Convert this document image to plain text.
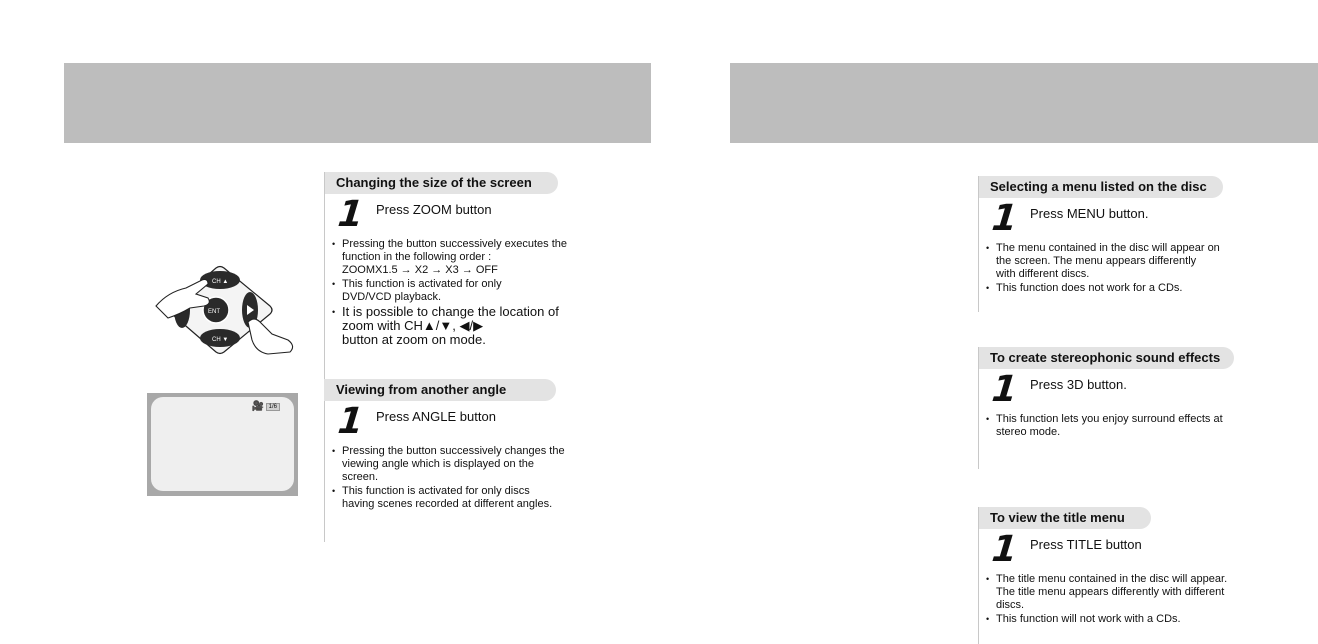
CH ▲
CH ▼
ENT
🎥 1/6
Changing the size of the screen
1 Press ZOOM button
• Pressing the button successively executes the
function in the following order :
ZOOMX1.5 → X2 → X3 → OFF
• This function is activated for only
DVD/VCD playback.
• It is possible to change the location of
zoom with CH▲/▼, ◀/▶
button at zoom on mode.
Viewing from another angle
1 Press ANGLE button
• Pressing the button successively changes the
viewing angle which is displayed on the
screen.
• This function is activated for only discs
having scenes recorded at different angles.
Selecting a menu listed on the disc
1 Press MENU button.
• The menu contained in the disc will appear on
the screen. The menu appears differently
with different discs.
• This function does not work for a CDs.
To create stereophonic sound effects
1 Press 3D button.
• This function lets you enjoy surround effects at
stereo mode.
To view the title menu
1 Press TITLE button
• The title menu contained in the disc will appear.
The title menu appears differently with different
discs.
• This function will not work with a CDs.
